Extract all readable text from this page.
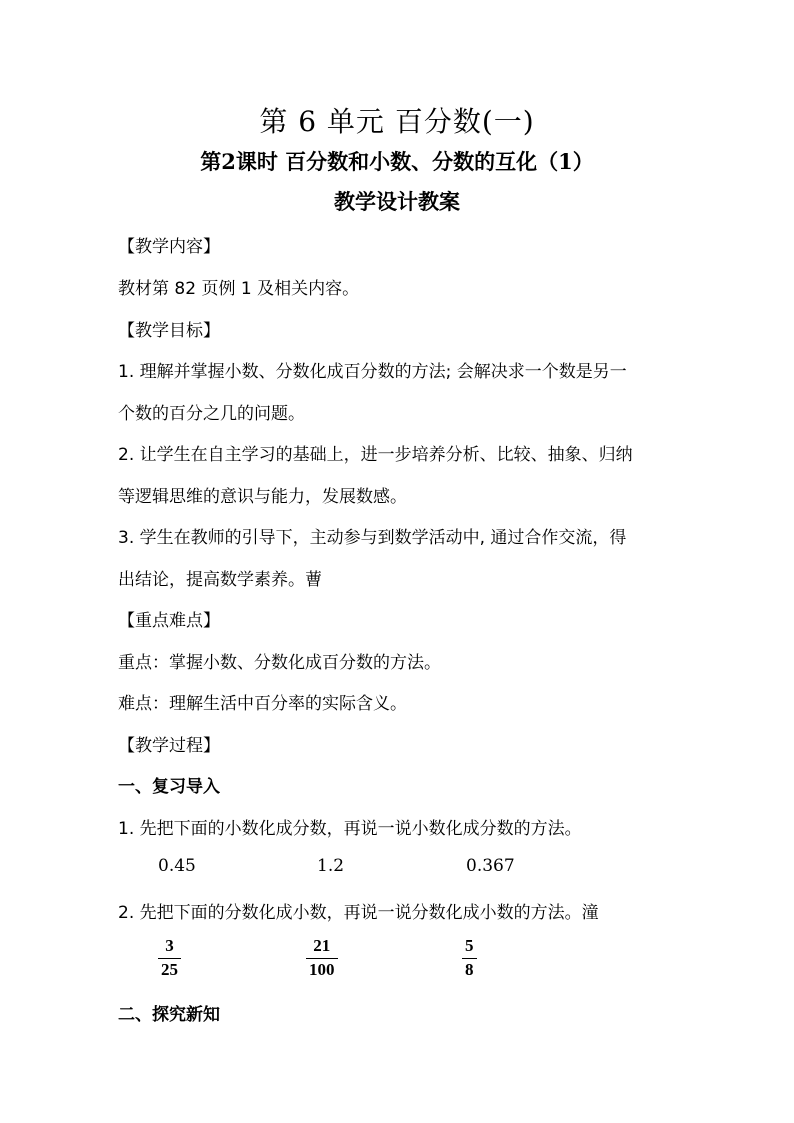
第 6 单元 百分数(一)
第2课时 百分数和小数、分数的互化（1）
教学设计教案
【教学内容】
教材第 82 页例 1 及相关内容。
【教学目标】
1. 理解并掌握小数、分数化成百分数的方法; 会解决求一个数是另一
个数的百分之几的问题。
2. 让学生在自主学习的基础上，进一步培养分析、比较、抽象、归纳
等逻辑思维的意识与能力，发展数感。
3. 学生在教师的引导下，主动参与到数学活动中, 通过合作交流，得
出结论，提高数学素养。蓸
【重点难点】
重点：掌握小数、分数化成百分数的方法。
难点：理解生活中百分率的实际含义。
【教学过程】
一、复习导入
1. 先把下面的小数化成分数，再说一说小数化成分数的方法。
0.45	1.2	0.367
2. 先把下面的分数化成小数，再说一说分数化成小数的方法。潼
3
25
21
100
5
8
二、探究新知
